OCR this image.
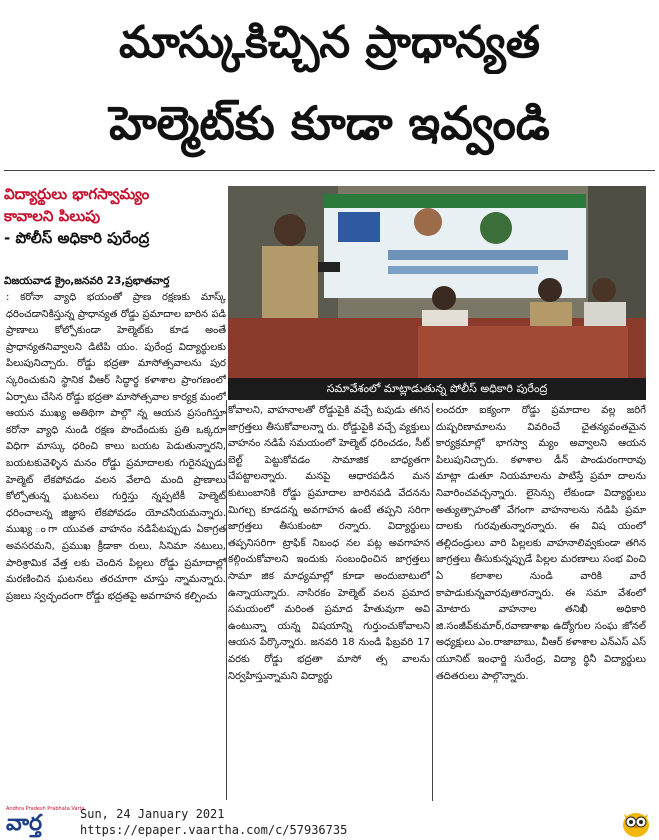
మాస్కుకిచ్చిన ప్రాధాన్యత
హెల్మెట్‌కు కూడా ఇవ్వండి
విద్యార్థులు భాగస్వామ్యం
కావాలని పిలుపు
- పోలీస్ అధికారి పురేంద్ర
సమావేశంలో మాట్లాడుతున్న పోలీస్ అధికారి పురేంద్ర
విజయవాడ క్రైం,జనవరి 23,ప్రభాతవార్త
: కరోనా వ్యాధి భయంతో ప్రాణ రక్షణకు మాస్క్ ధరించడానికిస్తున్న ప్రాధాన్యత రోడ్డు ప్రమాదాల బారిన పడి ప్రాణాలు కోల్పోకుండా హెల్మెట్‌కు కూడ అంతే ప్రాధాన్యతనివ్వాలని డిటిపి యం. పురేంద్ర విద్యార్థులకు పిలుపునిచ్చారు. రోడ్డు భద్రతా మాసోత్సవాలను పుర స్కరించుకుని స్థానిక వీఆర్ సిద్ధార్థ కళాశాల ప్రాంగణంలో ఏర్పాటు చేసిన రోడ్డు భద్రతా మాసోత్సవాల కార్యక్ర మంలో ఆయన ముఖ్య అతిథిగా పాల్గొ న్న ఆయన ప్రసంగిస్తూ కరోనా వ్యాధి నుండి రక్షణ పొందేందుకు ప్రతి ఒక్కరూ విధిగా మాస్కు ధరించి కాలు బయట పెడుతున్నారని, బయటకువెళ్ళిన మనం రోడ్డు ప్రమాదాలకు గురైనప్పుడు హెల్మెట్ లేకపోవడం వలన వేలాది మంది ప్రాణాలు కోల్పోతున్న ఘటనలు గుర్తిస్తు న్నప్పటికీ హెల్మెట్ ధరించాలన్న జిజ్ఞాస లేకపోవడం యోచనీయమన్నారు. ముఖ్య ంగా యువత వాహనం నడిపేటప్పుడు ఏకాగ్రత అవసరమని, ప్రముఖ క్రీడాకా రులు, సినిమా నటులు, పారిశ్రామిక వేత్త లకు చెందిన పిల్లలు రోడ్డు ప్రమాదాల్లో మరణించిన ఘటనలు తరచూగా చూస్తు న్నామన్నారు. ప్రజలు స్వచ్ఛందంగా రోడ్డు భద్రతపై అవగాహన కల్పించు
కోవాలని, వాహనాలతో రోడ్డుపైకి వచ్చే టపుడు తగిన జాగ్రత్తలు తీసుకోవాలన్నా రు. రోడ్డుపైకి వచ్చే వ్యక్తులు వాహనం నడిపే సమయంలో హెల్మెట్ ధరించడం, సీట్ బెల్ట్ పెట్టుకోవడం సామాజిక బాధ్యతగా చేపట్టాలన్నారు. మనపై ఆధారపడిన మన కుటుంబానికి రోడ్డు ప్రమాదాల బారినపడి వేదనను మిగల్చ కూడదన్న అవగాహన ఉంటే తప్పని సరిగా జాగ్రత్తలు తీసుకుంటా రన్నారు. విద్యార్థులు తప్పనిసరిగా ట్రాఫిక్ నిబంధ నల పట్ల అవగాహన కల్గించుకోవాలని ఇందుకు సంబంధించిన జాగ్రత్తలు సామా జిక మాధ్యమాల్లో కూడా అందుబాటులో ఉన్నాయన్నారు. నాసిరకం హెల్మెట్ వలన ప్రమాద సమయంలో మరింత ప్రమాద హేతువుగా అవి ఉంటున్నా యన్న విషయాన్ని గుర్తుంచుకోవాలని ఆయన పేర్కొన్నారు. జనవరి 18 నుండి ఫిబ్రవరి 17 వరకు రోడ్డు భద్రతా మాసో త్స వాలను నిర్వహిస్తున్నామని విద్యార్థు
లందరూ ఐక్యంగా రోడ్డు ప్రమాదాల వల్ల జరిగే దుష్పరిణామాలను వివరించే చైతన్యవంతమైన కార్యక్రమాల్లో భాగస్వా మ్యం అవ్వాలని ఆయన పిలుపునిచ్చారు. కళాశాల డీన్ పాండురంగారావు మాట్లా డుతూ నియమాలను పాటిస్తే ప్రమా దాలను నివారించవచ్చన్నారు. లైసెన్సు లేకుండా విద్యార్థులు అత్యుత్సాహంతో వేగంగా వాహనాలను నడిపి ప్రమా దాలకు గురవుతున్నారన్నారు. ఈ విష యంలో తల్లిదండ్రులు వారి పిల్లలకు వాహనాలివ్వకుండా తగిన జాగ్రత్తలు తీసుకున్నప్పుడే పిల్లల మరణాలు సంభ వించి ఏ కలాశాల నుండి వారికి వారే కాపాడుకున్నవారవుతారన్నారు. ఈ సమా వేశంలో మోటారు వాహనాల తనిఖీ అధికారి జి.సంజీవ్‌కుమార్,రవాణాశాఖ ఉద్యోగుల సంఘ జోనల్ అధ్యక్షులు ఎం.రాజాబాబు, వీఆర్ కళాశాల ఎన్ఎస్ ఎస్ యూనిట్ ఇంఛార్జి సురేంద్ర, విద్యా ర్థినీ విద్యార్థులు తదితరులు పాల్గొన్నారు.
Andhra Pradesh Prabhata Varta
వార్త	Sun, 24 January 2021
https://epaper.vaartha.com/c/57936735
